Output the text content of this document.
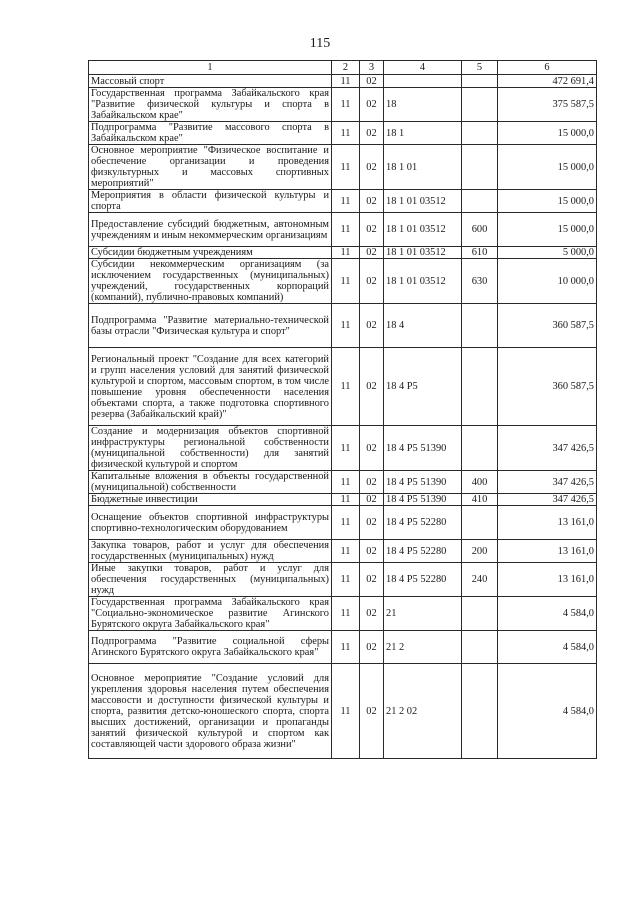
115
1	2	3	4	5	6
Массовый спорт	11	02			472 691,4
Государственная программа Забайкальского края "Развитие физической культуры и спорта в Забайкальском крае"	11	02	18		375 587,5
Подпрограмма "Развитие массового спорта в Забайкальском крае"	11	02	18 1		15 000,0
Основное мероприятие "Физическое воспитание и обеспечение организации и проведения физкультурных и массовых спортивных мероприятий"	11	02	18 1 01		15 000,0
Мероприятия в области физической культуры и спорта	11	02	18 1 01 03512		15 000,0
Предоставление субсидий бюджетным, автономным учреждениям и иным некоммерческим организациям	11	02	18 1 01 03512	600	15 000,0
Субсидии бюджетным учреждениям	11	02	18 1 01 03512	610	5 000,0
Субсидии некоммерческим организациям (за исключением государственных (муниципальных) учреждений, государственных корпораций (компаний), публично-правовых компаний)	11	02	18 1 01 03512	630	10 000,0
Подпрограмма "Развитие материально-технической базы отрасли "Физическая культура и спорт"	11	02	18 4		360 587,5
Региональный проект "Создание для всех категорий и групп населения условий для занятий физической культурой и спортом, массовым спортом, в том числе повышение уровня обеспеченности населения объектами спорта, а также подготовка спортивного резерва (Забайкальский край)"	11	02	18 4 P5		360 587,5
Создание и модернизация объектов спортивной инфраструктуры региональной собственности (муниципальной собственности) для занятий физической культурой и спортом	11	02	18 4 P5 51390		347 426,5
Капитальные вложения в объекты государственной (муниципальной) собственности	11	02	18 4 P5 51390	400	347 426,5
Бюджетные инвестиции	11	02	18 4 P5 51390	410	347 426,5
Оснащение объектов спортивной инфраструктуры спортивно-технологическим оборудованием	11	02	18 4 P5 52280		13 161,0
Закупка товаров, работ и услуг для обеспечения государственных (муниципальных) нужд	11	02	18 4 P5 52280	200	13 161,0
Иные закупки товаров, работ и услуг для обеспечения государственных (муниципальных) нужд	11	02	18 4 P5 52280	240	13 161,0
Государственная программа Забайкальского края "Социально-экономическое развитие Агинского Бурятского округа Забайкальского края"	11	02	21		4 584,0
Подпрограмма "Развитие социальной сферы Агинского Бурятского округа Забайкальского края"	11	02	21 2		4 584,0
Основное мероприятие "Создание условий для укрепления здоровья населения путем обеспечения массовости и доступности физической культуры и спорта, развития детско-юношеского спорта, спорта высших достижений, организации и пропаганды занятий физической культурой и спортом как составляющей части здорового образа жизни"	11	02	21 2 02		4 584,0
